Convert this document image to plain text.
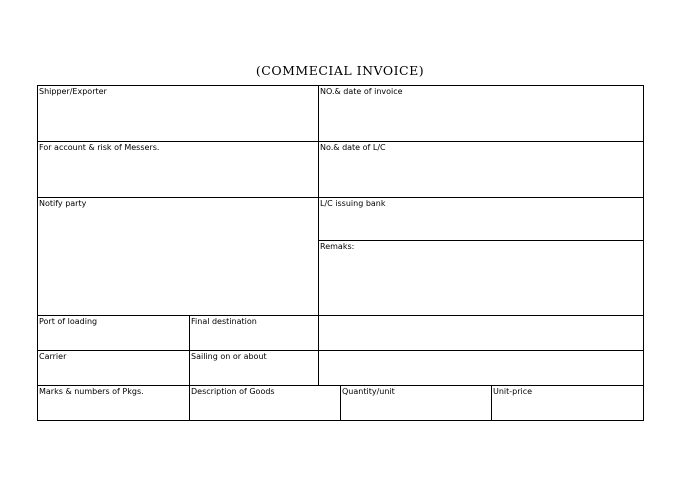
(COMMECIAL INVOICE)
Shipper/Exporter	NO.& date of invoice
For account & risk of Messers.	No.& date of L/C
Notify party	L/C issuing bank
Remaks:
Port of loading	Final destination
Carrier	Sailing on or about
Marks & numbers of Pkgs.	Description of Goods	Quantity/unit	Unit-price
